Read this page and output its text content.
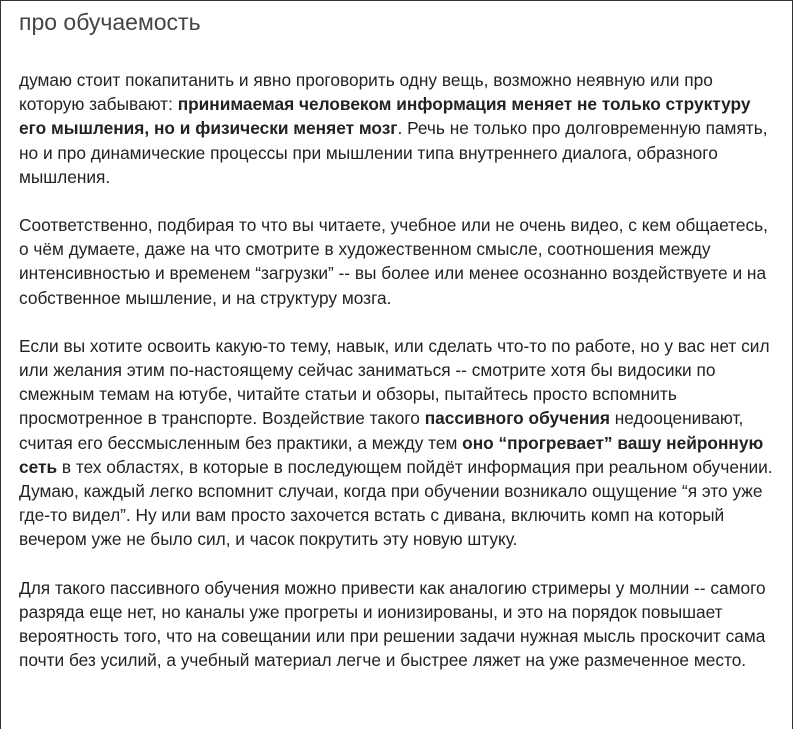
про обучаемость

думаю стоит покапитанить и явно проговорить одну вещь, возможно неявную или про которую забывают: принимаемая человеком информация меняет не только структуру его мышления, но и физически меняет мозг. Речь не только про долговременную память, но и про динамические процессы при мышлении типа внутреннего диалога, образного мышления.

Соответственно, подбирая то что вы читаете, учебное или не очень видео, с кем общаетесь, о чём думаете, даже на что смотрите в художественном смысле, соотношения между интенсивностью и временем “загрузки” -- вы более или менее осознанно воздействуете и на собственное мышление, и на структуру мозга.

Если вы хотите освоить какую-то тему, навык, или сделать что-то по работе, но у вас нет сил или желания этим по-настоящему сейчас заниматься -- смотрите хотя бы видосики по смежным темам на ютубе, читайте статьи и обзоры, пытайтесь просто вспомнить просмотренное в транспорте. Воздействие такого пассивного обучения недооценивают, считая его бессмысленным без практики, а между тем оно “прогревает” вашу нейронную сеть в тех областях, в которые в последующем пойдёт информация при реальном обучении. Думаю, каждый легко вспомнит случаи, когда при обучении возникало ощущение “я это уже где-то видел”. Ну или вам просто захочется встать с дивана, включить комп на который вечером уже не было сил, и часок покрутить эту новую штуку.

Для такого пассивного обучения можно привести как аналогию стримеры у молнии -- самого разряда еще нет, но каналы уже прогреты и ионизированы, и это на порядок повышает вероятность того, что на совещании или при решении задачи нужная мысль проскочит сама почти без усилий, а учебный материал легче и быстрее ляжет на уже размеченное место.
